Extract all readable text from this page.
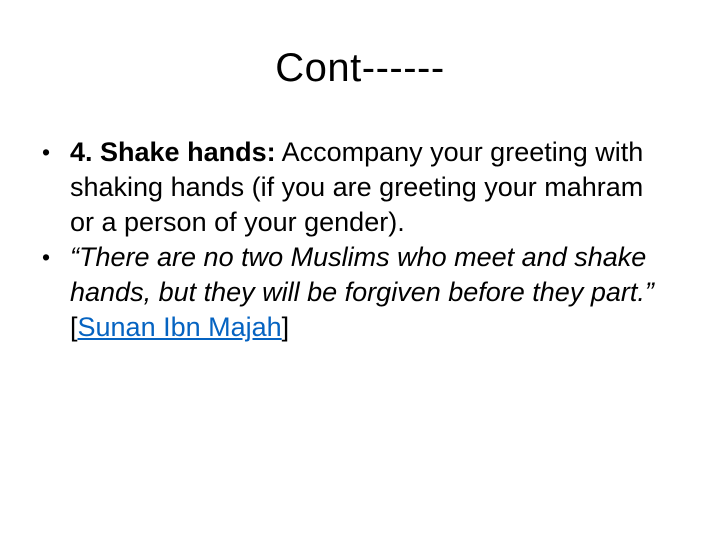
Cont------
• 4. Shake hands: Accompany your greeting with shaking hands (if you are greeting your mahram or a person of your gender).
• “There are no two Muslims who meet and shake hands, but they will be forgiven before they part.” [Sunan Ibn Majah]
